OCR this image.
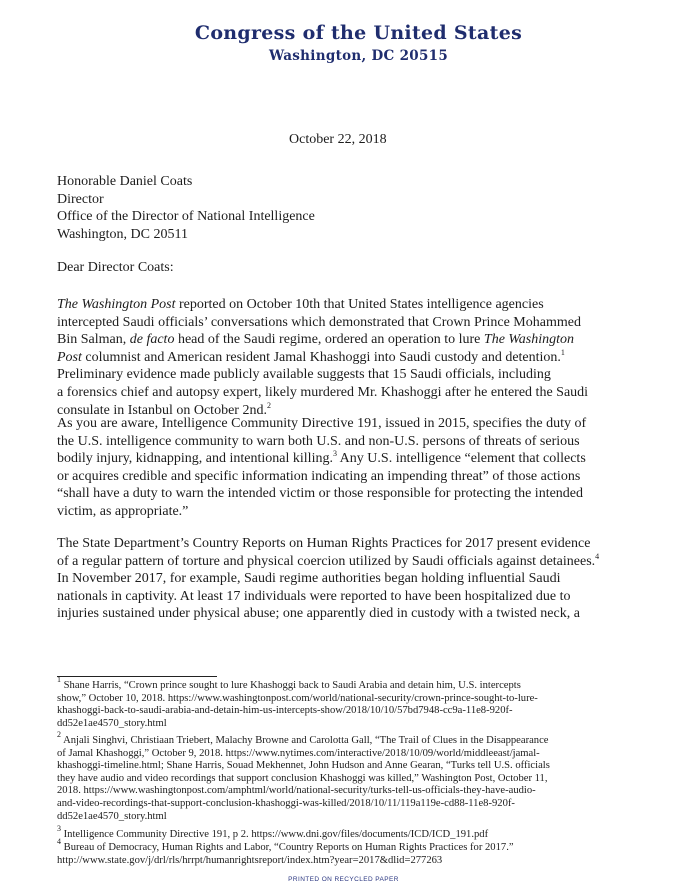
Congress of the United States
Washington, DC 20515
October 22, 2018
Honorable Daniel Coats
Director
Office of the Director of National Intelligence
Washington, DC 20511
Dear Director Coats:
The Washington Post reported on October 10th that United States intelligence agencies
intercepted Saudi officials’ conversations which demonstrated that Crown Prince Mohammed
Bin Salman, de facto head of the Saudi regime, ordered an operation to lure The Washington
Post columnist and American resident Jamal Khashoggi into Saudi custody and detention.$^1$
Preliminary evidence made publicly available suggests that 15 Saudi officials, including
a forensics chief and autopsy expert, likely murdered Mr. Khashoggi after he entered the Saudi
consulate in Istanbul on October 2nd.$^2$
As you are aware, Intelligence Community Directive 191, issued in 2015, specifies the duty of
the U.S. intelligence community to warn both U.S. and non-U.S. persons of threats of serious
bodily injury, kidnapping, and intentional killing.$^3$ Any U.S. intelligence “element that collects
or acquires credible and specific information indicating an impending threat” of those actions
“shall have a duty to warn the intended victim or those responsible for protecting the intended
victim, as appropriate.”
The State Department’s Country Reports on Human Rights Practices for 2017 present evidence
of a regular pattern of torture and physical coercion utilized by Saudi officials against detainees.$^4$
In November 2017, for example, Saudi regime authorities began holding influential Saudi
nationals in captivity. At least 17 individuals were reported to have been hospitalized due to
injuries sustained under physical abuse; one apparently died in custody with a twisted neck, a
$^1$ Shane Harris, “Crown prince sought to lure Khashoggi back to Saudi Arabia and detain him, U.S. intercepts
show,” October 10, 2018. https://www.washingtonpost.com/world/national-security/crown-prince-sought-to-lure-
khashoggi-back-to-saudi-arabia-and-detain-him-us-intercepts-show/2018/10/10/57bd7948-cc9a-11e8-920f-
dd52e1ae4570_story.html
$^2$ Anjali Singhvi, Christiaan Triebert, Malachy Browne and Carolotta Gall, “The Trail of Clues in the Disappearance
of Jamal Khashoggi,” October 9, 2018. https://www.nytimes.com/interactive/2018/10/09/world/middleeast/jamal-
khashoggi-timeline.html; Shane Harris, Souad Mekhennet, John Hudson and Anne Gearan, “Turks tell U.S. officials
they have audio and video recordings that support conclusion Khashoggi was killed,” Washington Post, October 11,
2018. https://www.washingtonpost.com/amphtml/world/national-security/turks-tell-us-officials-they-have-audio-
and-video-recordings-that-support-conclusion-khashoggi-was-killed/2018/10/11/119a119e-cd88-11e8-920f-
dd52e1ae4570_story.html
$^3$ Intelligence Community Directive 191, p 2. https://www.dni.gov/files/documents/ICD/ICD_191.pdf
$^4$ Bureau of Democracy, Human Rights and Labor, “Country Reports on Human Rights Practices for 2017.”
http://www.state.gov/j/drl/rls/hrrpt/humanrightsreport/index.htm?year=2017&dlid=277263
PRINTED ON RECYCLED PAPER
